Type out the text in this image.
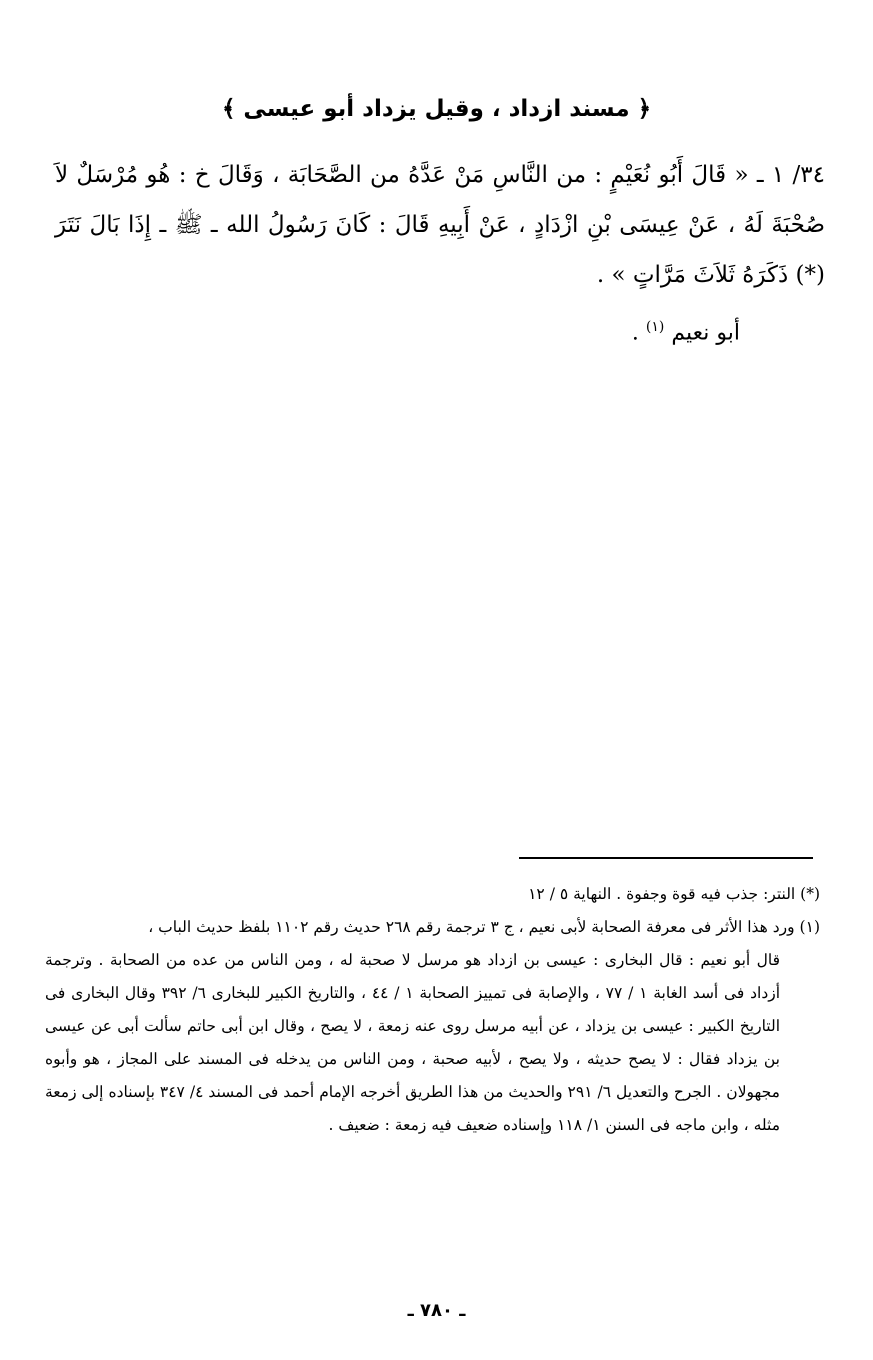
﴿ مسند ازداد ، وقيل يزداد أبو عيسى ﴾

٣٤/ ١ ـ « قَالَ أَبُو نُعَيْمٍ : من النَّاسِ مَنْ عَدَّهُ من الصَّحَابَة ، وَقَالَ خ : هُو مُرْسَلٌ لاَ صُحْبَةَ لَهُ ، عَنْ عِيسَى بْنِ ازْدَادٍ ، عَنْ أَبِيهِ قَالَ : كَانَ رَسُولُ الله ـ ﷺ ـ إِذَا بَالَ نَتَرَ (*) ذَكَرَهُ ثَلاَثَ مَرَّاتٍ » .

أبو نعيم $^{(١)}$ .

(*) النتر: جذب فيه قوة وجفوة . النهاية ٥ / ١٢

(١) ورد هذا الأثر فى معرفة الصحابة لأبى نعيم ، ج ٣ ترجمة رقم ٢٦٨ حديث رقم ١١٠٢ بلفظ حديث الباب ،

قال أبو نعيم : قال البخارى : عيسى بن ازداد هو مرسل لا صحبة له ، ومن الناس من عده من الصحابة . وترجمة أزداد فى أسد الغابة ١ / ٧٧ ، والإصابة فى تمييز الصحابة ١ / ٤٤ ، والتاريخ الكبير للبخارى ٦/ ٣٩٢ وقال البخارى فى التاريخ الكبير : عيسى بن يزداد ، عن أبيه مرسل روى عنه زمعة ، لا يصح ، وقال ابن أبى حاتم سألت أبى عن عيسى بن يزداد فقال : لا يصح حديثه ، ولا يصح ، لأبيه صحبة ، ومن الناس من يدخله فى المسند على المجاز ، هو وأبوه مجهولان . الجرح والتعديل ٦/ ٢٩١ والحديث من هذا الطريق أخرجه الإمام أحمد فى المسند ٤/ ٣٤٧ بإسناده إلى زمعة مثله ، وابن ماجه فى السنن ١/ ١١٨ وإسناده ضعيف فيه زمعة : ضعيف .

ـ ٧٨٠ ـ
